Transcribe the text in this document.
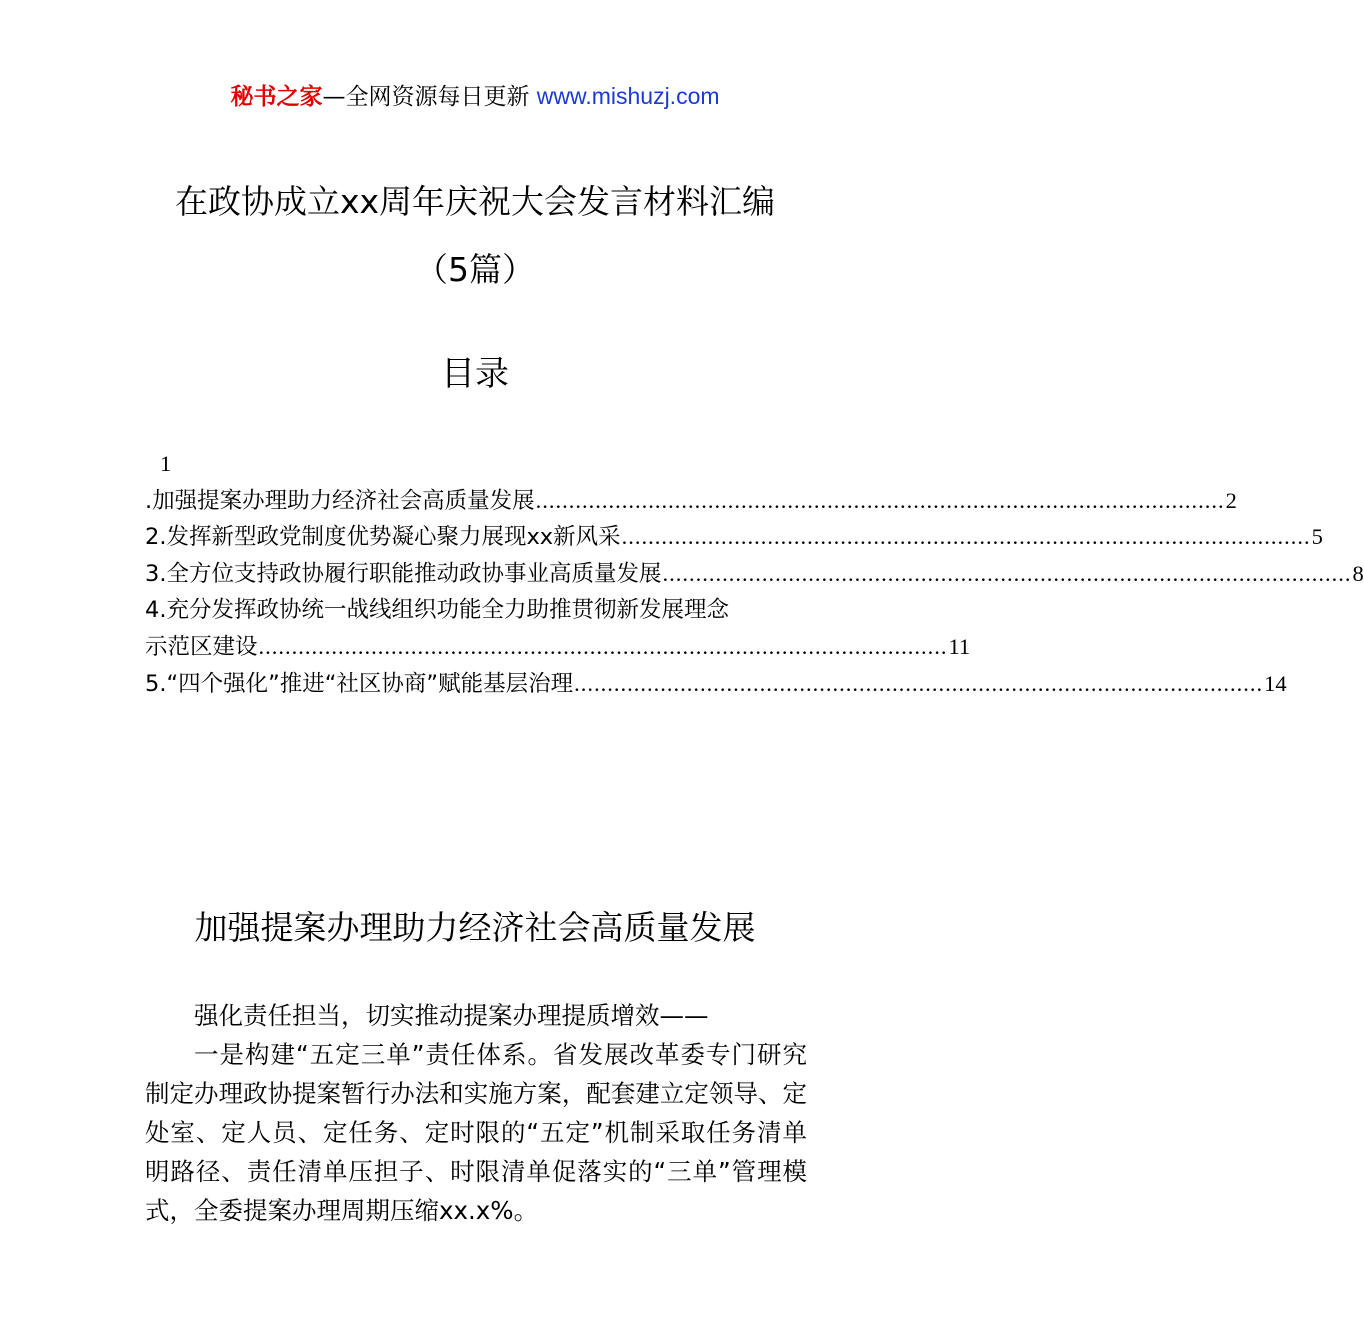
秘书之家—全网资源每日更新 www.mishuzj.com
在政协成立xx周年庆祝大会发言材料汇编
（5篇）
目录
1
.加强提案办理助力经济社会高质量发展 ........................................................................................................ 2
2.发挥新型政党制度优势凝心聚力展现xx新风采 ........................................................................................................ 5
3.全方位支持政协履行职能推动政协事业高质量发展 ........................................................................................................ 8
4.充分发挥政协统一战线组织功能全力助推贯彻新发展理念
示范区建设 ........................................................................................................ 11
5.“四个强化”推进“社区协商”赋能基层治理 ........................................................................................................ 14
加强提案办理助力经济社会高质量发展

强化责任担当，切实推动提案办理提质增效——

一是构建“五定三单”责任体系。省发展改革委专门研究制定办理政协提案暂行办法和实施方案，配套建立定领导、定处室、定人员、定任务、定时限的“五定”机制采取任务清单明路径、责任清单压担子、时限清单促落实的“三单”管理模式，全委提案办理周期压缩xx.x%。
